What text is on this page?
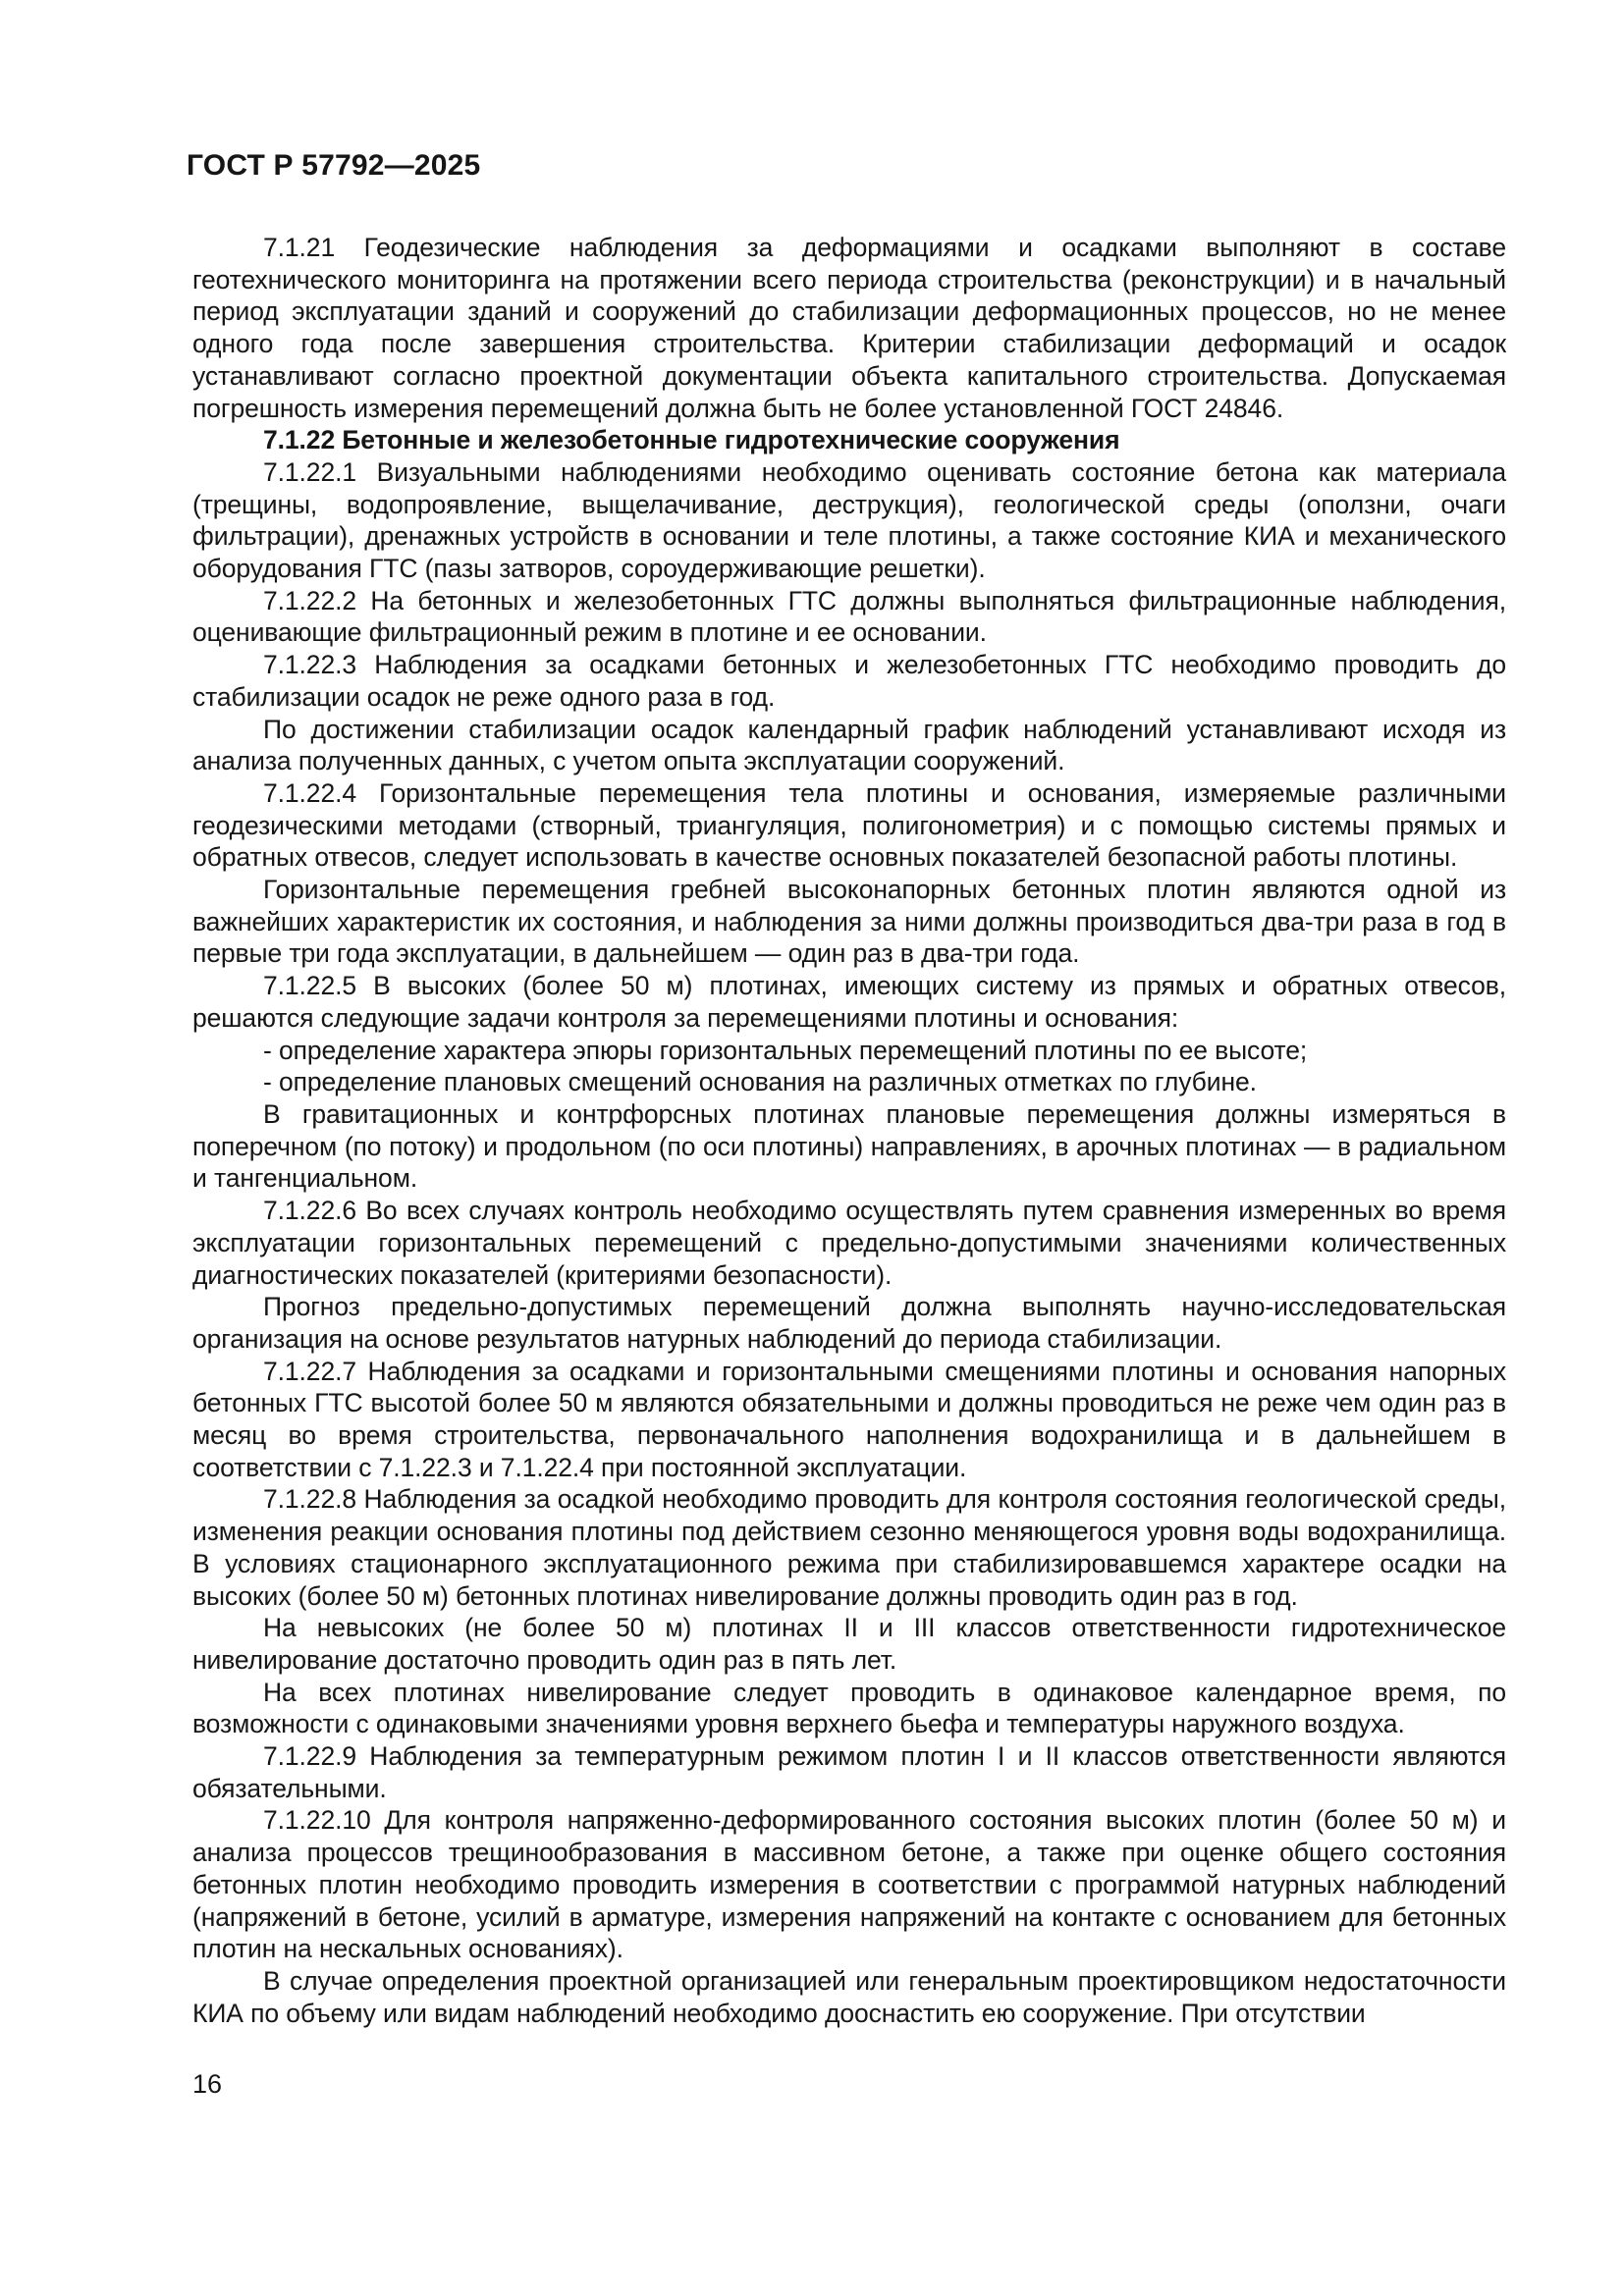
ГОСТ Р 57792—2025

7.1.21 Геодезические наблюдения за деформациями и осадками выполняют в составе геотехнического мониторинга на протяжении всего периода строительства (реконструкции) и в начальный период эксплуатации зданий и сооружений до стабилизации деформационных процессов, но не менее одного года после завершения строительства. Критерии стабилизации деформаций и осадок устанавливают согласно проектной документации объекта капитального строительства. Допускаемая погрешность измерения перемещений должна быть не более установленной ГОСТ 24846.

7.1.22 Бетонные и железобетонные гидротехнические сооружения

7.1.22.1 Визуальными наблюдениями необходимо оценивать состояние бетона как материала (трещины, водопроявление, выщелачивание, деструкция), геологической среды (оползни, очаги фильтрации), дренажных устройств в основании и теле плотины, а также состояние КИА и механического оборудования ГТС (пазы затворов, сороудерживающие решетки).

7.1.22.2 На бетонных и железобетонных ГТС должны выполняться фильтрационные наблюдения, оценивающие фильтрационный режим в плотине и ее основании.

7.1.22.3 Наблюдения за осадками бетонных и железобетонных ГТС необходимо проводить до стабилизации осадок не реже одного раза в год.

По достижении стабилизации осадок календарный график наблюдений устанавливают исходя из анализа полученных данных, с учетом опыта эксплуатации сооружений.

7.1.22.4 Горизонтальные перемещения тела плотины и основания, измеряемые различными геодезическими методами (створный, триангуляция, полигонометрия) и с помощью системы прямых и обратных отвесов, следует использовать в качестве основных показателей безопасной работы плотины.

Горизонтальные перемещения гребней высоконапорных бетонных плотин являются одной из важнейших характеристик их состояния, и наблюдения за ними должны производиться два-три раза в год в первые три года эксплуатации, в дальнейшем — один раз в два-три года.

7.1.22.5 В высоких (более 50 м) плотинах, имеющих систему из прямых и обратных отвесов, решаются следующие задачи контроля за перемещениями плотины и основания:

- определение характера эпюры горизонтальных перемещений плотины по ее высоте;

- определение плановых смещений основания на различных отметках по глубине.

В гравитационных и контрфорсных плотинах плановые перемещения должны измеряться в поперечном (по потоку) и продольном (по оси плотины) направлениях, в арочных плотинах — в радиальном и тангенциальном.

7.1.22.6 Во всех случаях контроль необходимо осуществлять путем сравнения измеренных во время эксплуатации горизонтальных перемещений с предельно-допустимыми значениями количественных диагностических показателей (критериями безопасности).

Прогноз предельно-допустимых перемещений должна выполнять научно-исследовательская организация на основе результатов натурных наблюдений до периода стабилизации.

7.1.22.7 Наблюдения за осадками и горизонтальными смещениями плотины и основания напорных бетонных ГТС высотой более 50 м являются обязательными и должны проводиться не реже чем один раз в месяц во время строительства, первоначального наполнения водохранилища и в дальнейшем в соответствии с 7.1.22.3 и 7.1.22.4 при постоянной эксплуатации.

7.1.22.8 Наблюдения за осадкой необходимо проводить для контроля состояния геологической среды, изменения реакции основания плотины под действием сезонно меняющегося уровня воды водохранилища. В условиях стационарного эксплуатационного режима при стабилизировавшемся характере осадки на высоких (более 50 м) бетонных плотинах нивелирование должны проводить один раз в год.

На невысоких (не более 50 м) плотинах II и III классов ответственности гидротехническое нивелирование достаточно проводить один раз в пять лет.

На всех плотинах нивелирование следует проводить в одинаковое календарное время, по возможности с одинаковыми значениями уровня верхнего бьефа и температуры наружного воздуха.

7.1.22.9 Наблюдения за температурным режимом плотин I и II классов ответственности являются обязательными.

7.1.22.10 Для контроля напряженно-деформированного состояния высоких плотин (более 50 м) и анализа процессов трещинообразования в массивном бетоне, а также при оценке общего состояния бетонных плотин необходимо проводить измерения в соответствии с программой натурных наблюдений (напряжений в бетоне, усилий в арматуре, измерения напряжений на контакте с основанием для бетонных плотин на нескальных основаниях).

В случае определения проектной организацией или генеральным проектировщиком недостаточности КИА по объему или видам наблюдений необходимо дооснастить ею сооружение. При отсутствии

16
